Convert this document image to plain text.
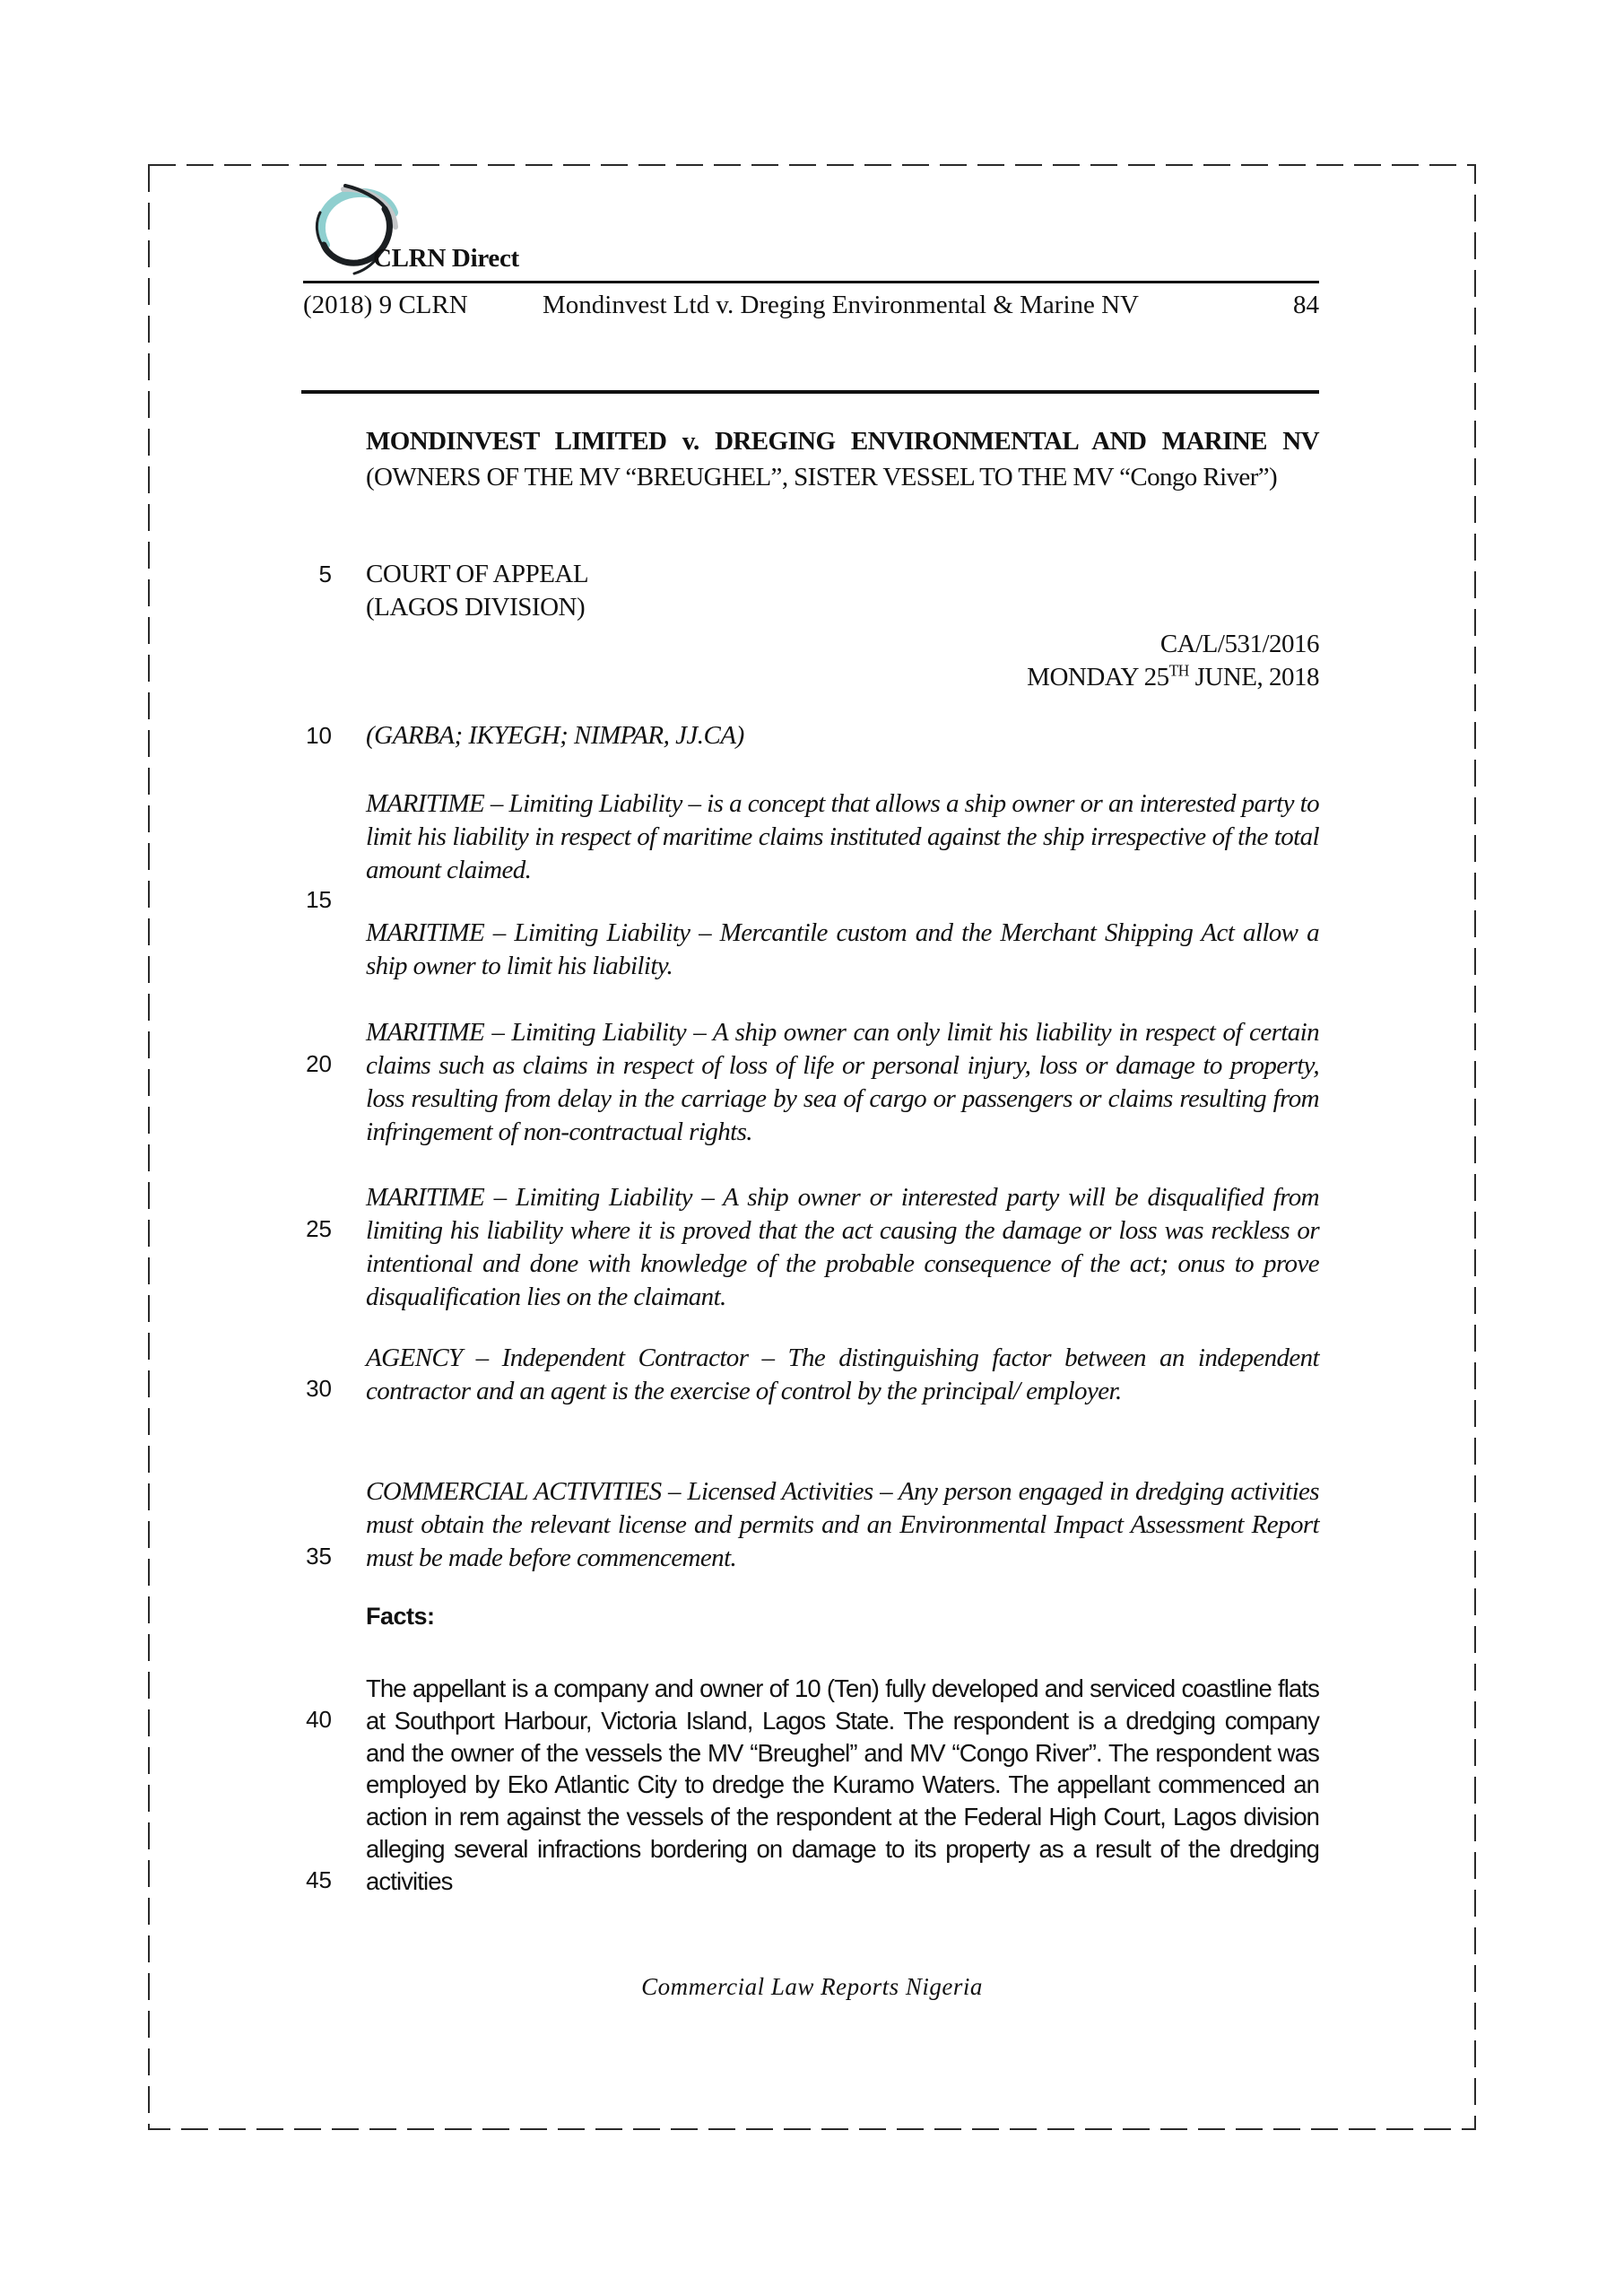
CLRN Direct
(2018) 9 CLRN	Mondinvest Ltd v. Dreging Environmental & Marine NV	84
MONDINVEST LIMITED v. DREGING ENVIRONMENTAL AND MARINE NV (OWNERS OF THE MV “BREUGHEL”, SISTER VESSEL TO THE MV “Congo River”)
5
10
15
20
25
30
35
40
45
COURT OF APPEAL
(LAGOS DIVISION)
CA/L/531/2016
MONDAY 25TH JUNE, 2018
(GARBA; IKYEGH; NIMPAR, JJ.CA)
MARITIME – Limiting Liability – is a concept that allows a ship owner or an interested party to limit his liability in respect of maritime claims instituted against the ship irrespective of the total amount claimed.
MARITIME – Limiting Liability – Mercantile custom and the Merchant Shipping Act allow a ship owner to limit his liability.
MARITIME – Limiting Liability – A ship owner can only limit his liability in respect of certain claims such as claims in respect of loss of life or personal injury, loss or damage to property, loss resulting from delay in the carriage by sea of cargo or passengers or claims resulting from infringement of non-contractual rights.
MARITIME – Limiting Liability – A ship owner or interested party will be disqualified from limiting his liability where it is proved that the act causing the damage or loss was reckless or intentional and done with knowledge of the probable consequence of the act; onus to prove disqualification lies on the claimant.
AGENCY – Independent Contractor – The distinguishing factor between an independent contractor and an agent is the exercise of control by the principal/ employer.
COMMERCIAL ACTIVITIES – Licensed Activities – Any person engaged in dredging activities must obtain the relevant license and permits and an Environmental Impact Assessment Report must be made before commencement.
Facts:
The appellant is a company and owner of 10 (Ten) fully developed and serviced coastline flats at Southport Harbour, Victoria Island, Lagos State. The respondent is a dredging company and the owner of the vessels the MV “Breughel” and MV “Congo River”. The respondent was employed by Eko Atlantic City to dredge the Kuramo Waters. The appellant commenced an action in rem against the vessels of the respondent at the Federal High Court, Lagos division alleging several infractions bordering on damage to its property as a result of the dredging activities
Commercial Law Reports Nigeria
